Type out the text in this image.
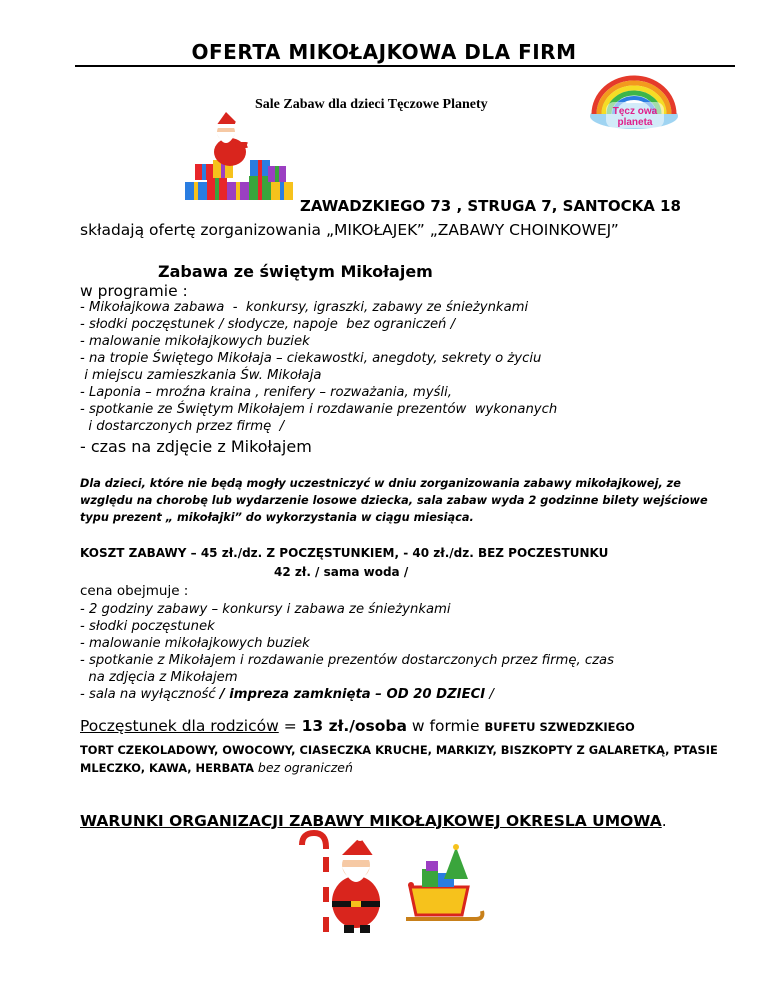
OFERTA MIKOŁAJKOWA DLA FIRM
Sale Zabaw dla dzieci Tęczowe Planety	Tęcz owa
planeta
ZAWADZKIEGO 73 , STRUGA 7, SANTOCKA 18
składają ofertę zorganizowania „MIKOŁAJEK” „ZABAWY CHOINKOWEJ”
Zabawa ze świętym Mikołajem
w programie :
- Mikołajkowa zabawa  -  konkursy, igraszki, zabawy ze śnieżynkami
- słodki poczęstunek / słodycze, napoje  bez ograniczeń /
- malowanie mikołajkowych buziek
- na tropie Świętego Mikołaja – ciekawostki, anegdoty, sekrety o życiu
i miejscu zamieszkania Św. Mikołaja
- Laponia – mroźna kraina , renifery – rozważania, myśli,
- spotkanie ze Świętym Mikołajem i rozdawanie prezentów  wykonanych
i dostarczonych przez firmę  /
- czas na zdjęcie z Mikołajem
Dla dzieci, które nie będą mogły uczestniczyć w dniu zorganizowania zabawy mikołajkowej, ze względu na chorobę lub wydarzenie losowe dziecka, sala zabaw wyda 2 godzinne bilety wejściowe typu prezent „ mikołajki” do wykorzystania w ciągu miesiąca.
KOSZT ZABAWY – 45 zł./dz. Z POCZĘSTUNKIEM, - 40 zł./dz. BEZ POCZESTUNKU
42 zł. / sama woda /
cena obejmuje :
- 2 godziny zabawy – konkursy i zabawa ze śnieżynkami
- słodki poczęstunek
- malowanie mikołajkowych buziek
- spotkanie z Mikołajem i rozdawanie prezentów dostarczonych przez firmę, czas
na zdjęcia z Mikołajem
- sala na wyłączność / impreza zamknięta – OD 20 DZIECI /
Poczęstunek dla rodziców = 13 zł./osoba w formie BUFETU SZWEDZKIEGO
TORT CZEKOLADOWY, OWOCOWY, CIASECZKA KRUCHE, MARKIZY, BISZKOPTY Z GALARETKĄ, PTASIE MLECZKO, KAWA, HERBATA bez ograniczeń
WARUNKI ORGANIZACJI ZABAWY MIKOŁAJKOWEJ OKRESLA UMOWA.
